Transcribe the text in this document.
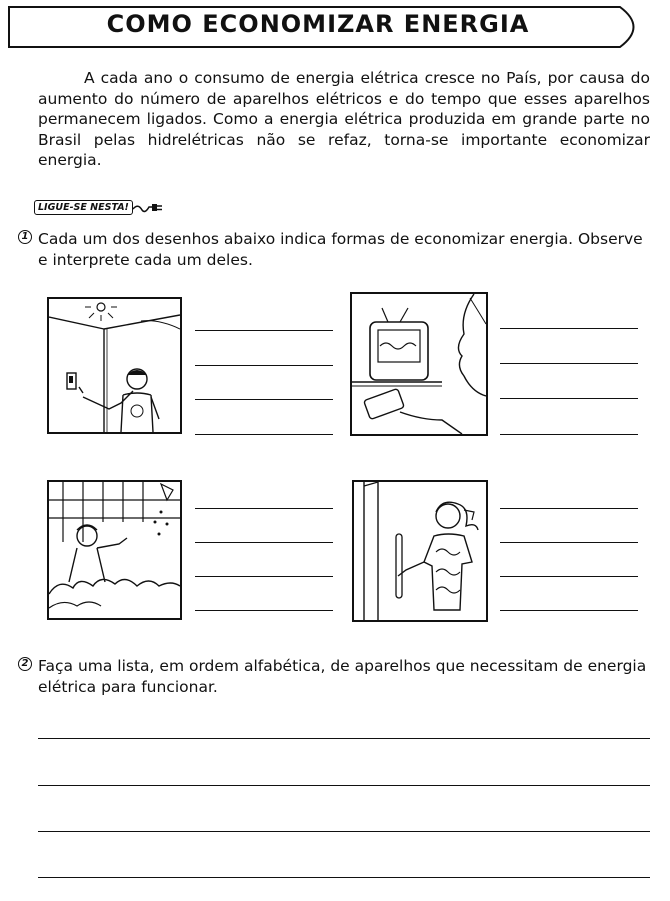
COMO ECONOMIZAR ENERGIA

A cada ano o consumo de energia elétrica cresce no País, por causa do aumento do número de aparelhos elétricos e do tempo que esses aparelhos permanecem ligados. Como a energia elétrica produzida em grande parte no Brasil pelas hidrelétricas não se refaz, torna-se importante economizar energia.

LIGUE-SE NESTA!
1 Cada um dos desenhos abaixo indica formas de economizar energia. Observe e interprete cada um deles.
2 Faça uma lista, em ordem alfabética, de aparelhos que necessitam de energia elétrica para funcionar.
